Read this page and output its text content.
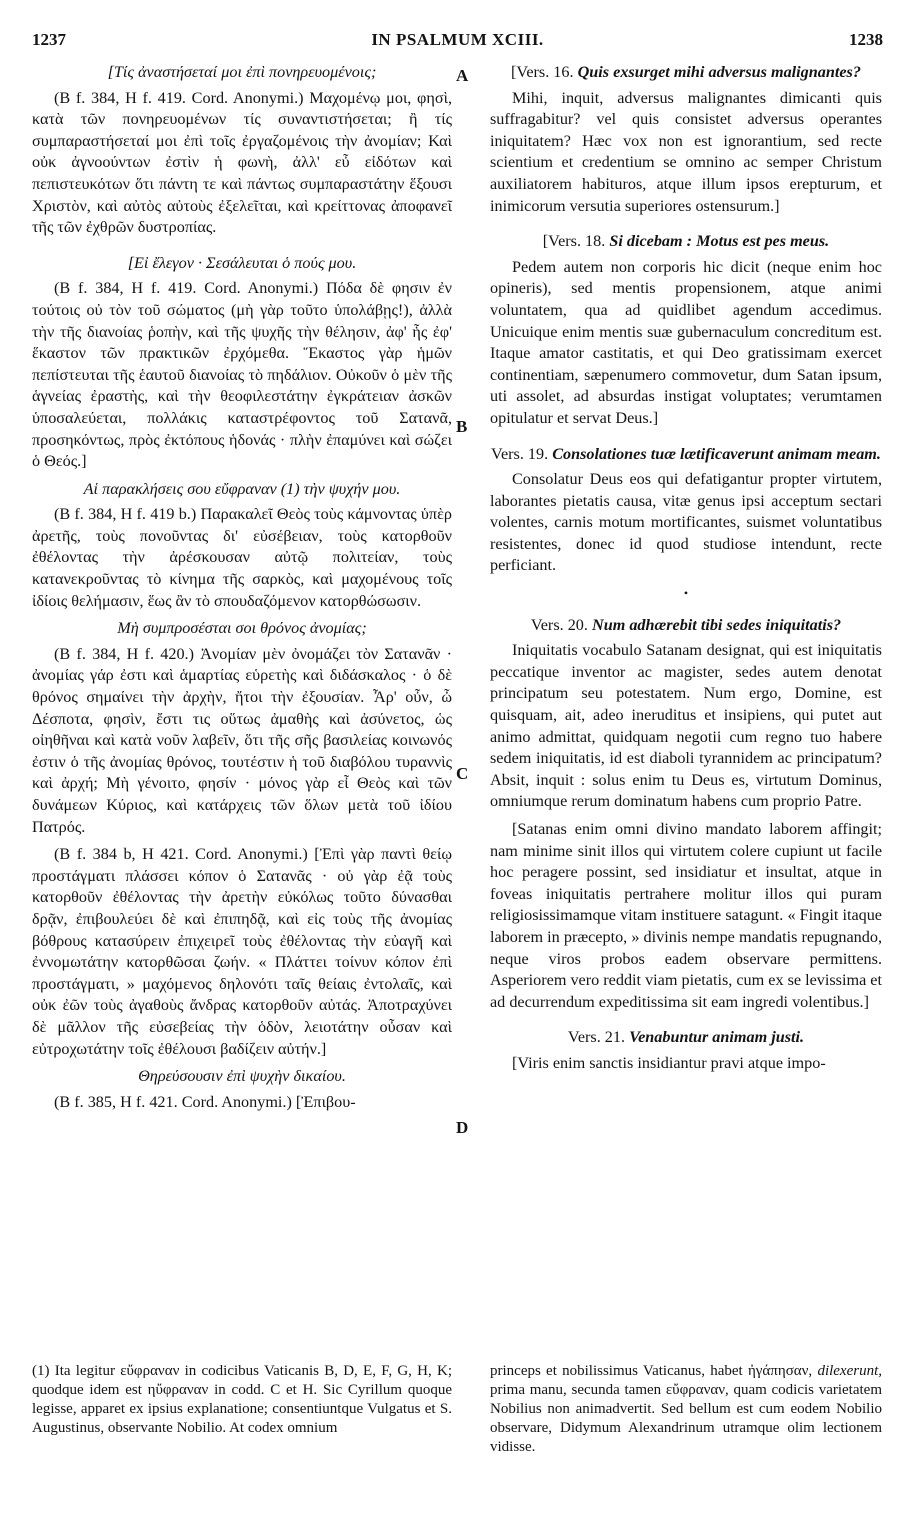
1237	IN PSALMUM XCIII.	1238
A
B
C
D

[Τίς ἀναστήσεταί μοι ἐπὶ πονηρευομένοις;

(B f. 384, H f. 419. Cord. Anonymi.) Μαχομένῳ μοι, φησὶ, κατὰ τῶν πονηρευομένων τίς συναντιστήσεται; ἢ τίς συμπαραστήσεταί μοι ἐπὶ τοῖς ἐργαζομένοις τὴν ἀνομίαν; Καὶ οὐκ ἀγνοούντων ἐστὶν ἡ φωνὴ, ἀλλ' εὖ εἰδότων καὶ πεπιστευκότων ὅτι πάντη τε καὶ πάντως συμπαραστάτην ἕξουσι Χριστὸν, καὶ αὐτὸς αὐτοὺς ἐξελεῖται, καὶ κρείττονας ἀποφανεῖ τῆς τῶν ἐχθρῶν δυστροπίας.

[Εἰ ἔλεγον · Σεσάλευται ὁ πούς μου.

(B f. 384, H f. 419. Cord. Anonymi.) Πόδα δὲ φησιν ἐν τούτοις οὐ τὸν τοῦ σώματος (μὴ γὰρ τοῦτο ὑπολάβῃς!), ἀλλὰ τὴν τῆς διανοίας ῥοπὴν, καὶ τῆς ψυχῆς τὴν θέλησιν, ἀφ' ἧς ἐφ' ἕκαστον τῶν πρακτικῶν ἐρχόμεθα. Ἕκαστος γὰρ ἡμῶν πεπίστευται τῆς ἑαυτοῦ διανοίας τὸ πηδάλιον. Οὐκοῦν ὁ μὲν τῆς ἁγνείας ἐραστὴς, καὶ τὴν θεοφιλεστάτην ἐγκράτειαν ἀσκῶν ὑποσαλεύεται, πολλάκις καταστρέφοντος τοῦ Σατανᾶ, προσηκόντως, πρὸς ἐκτόπους ἡδονάς · πλὴν ἐπαμύνει καὶ σώζει ὁ Θεός.]

Αἱ παρακλήσεις σου εὔφραναν (1) τὴν ψυχήν μου.

(B f. 384, H f. 419 b.) Παρακαλεῖ Θεὸς τοὺς κάμνοντας ὑπὲρ ἀρετῆς, τοὺς πονοῦντας δι' εὐσέβειαν, τοὺς κατορθοῦν ἐθέλοντας τὴν ἀρέσκουσαν αὐτῷ πολιτείαν, τοὺς κατανεκροῦντας τὸ κίνημα τῆς σαρκὸς, καὶ μαχομένους τοῖς ἰδίοις θελήμασιν, ἕως ἂν τὸ σπουδαζόμενον κατορθώσωσιν.

Μὴ συμπροσέσται σοι θρόνος ἀνομίας;

(B f. 384, H f. 420.) Ἀνομίαν μὲν ὀνομάζει τὸν Σατανᾶν · ἀνομίας γάρ ἐστι καὶ ἁμαρτίας εὑρετὴς καὶ διδάσκαλος · ὁ δὲ θρόνος σημαίνει τὴν ἀρχὴν, ἤτοι τὴν ἐξουσίαν. Ἆρ' οὖν, ὦ Δέσποτα, φησὶν, ἔστι τις οὕτως ἀμαθὴς καὶ ἀσύνετος, ὡς οἰηθῆναι καὶ κατὰ νοῦν λαβεῖν, ὅτι τῆς σῆς βασιλείας κοινωνός ἐστιν ὁ τῆς ἀνομίας θρόνος, τουτέστιν ἡ τοῦ διαβόλου τυραννὶς καὶ ἀρχή; Μὴ γένοιτο, φησίν · μόνος γὰρ εἶ Θεὸς καὶ τῶν δυνάμεων Κύριος, καὶ κατάρχεις τῶν ὅλων μετὰ τοῦ ἰδίου Πατρός.

(B f. 384 b, H 421. Cord. Anonymi.) [Ἐπὶ γὰρ παντὶ θείῳ προστάγματι πλάσσει κόπον ὁ Σατανᾶς · οὐ γὰρ ἐᾷ τοὺς κατορθοῦν ἐθέλοντας τὴν ἀρετὴν εὐκόλως τοῦτο δύνασθαι δρᾷν, ἐπιβουλεύει δὲ καὶ ἐπιπηδᾷ, καὶ εἰς τοὺς τῆς ἀνομίας βόθρους κατασύρειν ἐπιχειρεῖ τοὺς ἐθέλοντας τὴν εὐαγῆ καὶ ἐννομωτάτην κατορθῶσαι ζωήν. « Πλάττει τοίνυν κόπον ἐπὶ προστάγματι, » μαχόμενος δηλονότι ταῖς θείαις ἐντολαῖς, καὶ οὐκ ἐῶν τοὺς ἀγαθοὺς ἄνδρας κατορθοῦν αὐτάς. Ἀποτραχύνει δὲ μᾶλλον τῆς εὐσεβείας τὴν ὁδὸν, λειοτάτην οὖσαν καὶ εὐτροχωτάτην τοῖς ἐθέλουσι βαδίζειν αὐτήν.]

Θηρεύσουσιν ἐπὶ ψυχὴν δικαίου.

(B f. 385, H f. 421. Cord. Anonymi.) [Ἐπιβου-

[Vers. 16. Quis exsurget mihi adversus malignantes?

Mihi, inquit, adversus malignantes dimicanti quis suffragabitur? vel quis consistet adversus operantes iniquitatem? Hæc vox non est ignorantium, sed recte scientium et credentium se omnino ac semper Christum auxiliatorem habituros, atque illum ipsos erepturum, et inimicorum versutia superiores ostensurum.]

[Vers. 18. Si dicebam : Motus est pes meus.

Pedem autem non corporis hic dicit (neque enim hoc opineris), sed mentis propensionem, atque animi voluntatem, qua ad quidlibet agendum accedimus. Unicuique enim mentis suæ gubernaculum concreditum est. Itaque amator castitatis, et qui Deo gratissimam exercet continentiam, sæpenumero commovetur, dum Satan ipsum, uti assolet, ad absurdas instigat voluptates; verumtamen opitulatur et servat Deus.]

Vers. 19. Consolationes tuæ lætificaverunt animam meam.

Consolatur Deus eos qui defatigantur propter virtutem, laborantes pietatis causa, vitæ genus ipsi acceptum sectari volentes, carnis motum mortificantes, suismet voluntatibus resistentes, donec id quod studiose intendunt, recte perficiant.

•

Vers. 20. Num adhærebit tibi sedes iniquitatis?

Iniquitatis vocabulo Satanam designat, qui est iniquitatis peccatique inventor ac magister, sedes autem denotat principatum seu potestatem. Num ergo, Domine, est quisquam, ait, adeo ineruditus et insipiens, qui putet aut animo admittat, quidquam negotii cum regno tuo habere sedem iniquitatis, id est diaboli tyrannidem ac principatum? Absit, inquit : solus enim tu Deus es, virtutum Dominus, omniumque rerum dominatum habens cum proprio Patre.

[Satanas enim omni divino mandato laborem affingit; nam minime sinit illos qui virtutem colere cupiunt ut facile hoc peragere possint, sed insidiatur et insultat, atque in foveas iniquitatis pertrahere molitur illos qui puram religiosissimamque vitam instituere satagunt. « Fingit itaque laborem in præcepto, » divinis nempe mandatis repugnando, neque viros probos eadem observare permittens. Asperiorem vero reddit viam pietatis, cum ex se levissima et ad decurrendum expeditissima sit eam ingredi volentibus.]

Vers. 21. Venabuntur animam justi.

[Viris enim sanctis insidiantur pravi atque impo-

(1) Ita legitur εὔφραναν in codicibus Vaticanis B, D, E, F, G, H, K; quodque idem est ηὔφραναν in codd. C et H. Sic Cyrillum quoque legisse, apparet ex ipsius explanatione; consentiuntque Vulgatus et S. Augustinus, observante Nobilio. At codex omnium
princeps et nobilissimus Vaticanus, habet ἠγάπησαν, dilexerunt, prima manu, secunda tamen εὔφραναν, quam codicis varietatem Nobilius non animadvertit. Sed bellum est cum eodem Nobilio observare, Didymum Alexandrinum utramque olim lectionem vidisse.
